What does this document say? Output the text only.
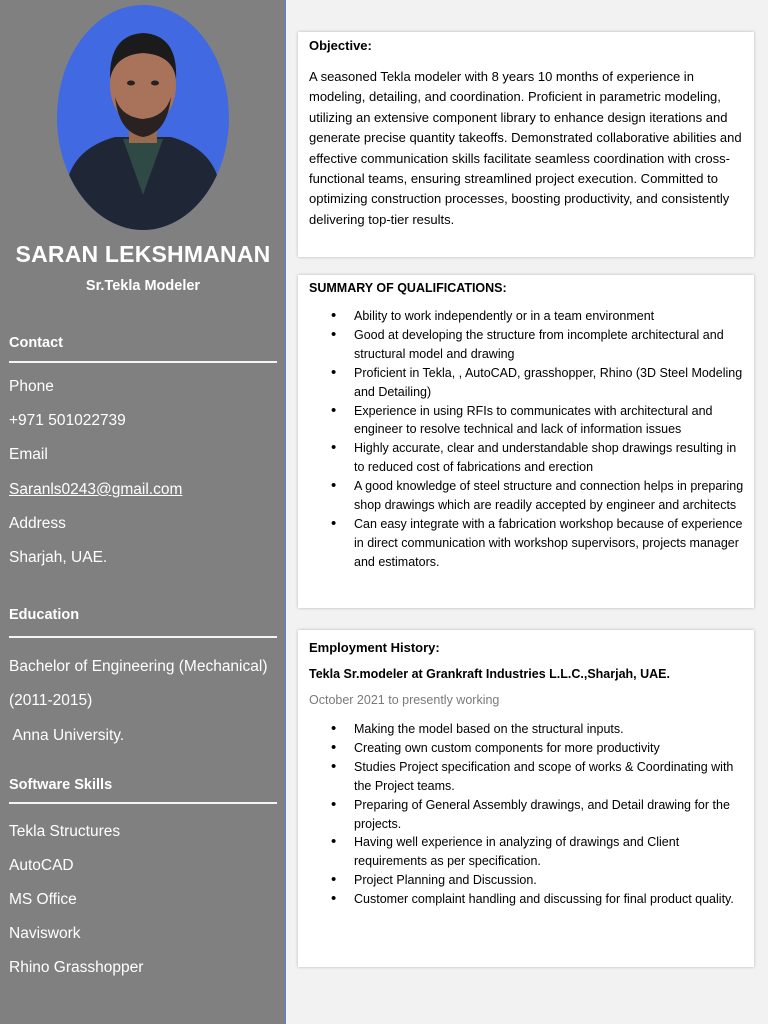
SARAN LEKSHMANAN
Sr.Tekla Modeler
Contact
Phone
+971 501022739
Email
Saranls0243@gmail.com
Address
Sharjah, UAE.
Education
Bachelor of Engineering (Mechanical)
(2011-2015)
Anna University.
Software Skills
Tekla Structures
AutoCAD
MS Office
Naviswork
Rhino Grasshopper
Objective:
A seasoned Tekla modeler with 8 years 10 months of experience in modeling, detailing, and coordination. Proficient in parametric modeling, utilizing an extensive component library to enhance design iterations and generate precise quantity takeoffs. Demonstrated collaborative abilities and effective communication skills facilitate seamless coordination with cross-functional teams, ensuring streamlined project execution. Committed to optimizing construction processes, boosting productivity, and consistently delivering top-tier results.
SUMMARY OF QUALIFICATIONS:
• Ability to work independently or in a team environment
• Good at developing the structure from incomplete architectural and structural model and drawing
• Proficient in Tekla, , AutoCAD, grasshopper, Rhino (3D Steel Modeling and Detailing)
• Experience in using RFIs to communicates with architectural and engineer to resolve technical and lack of information issues
• Highly accurate, clear and understandable shop drawings resulting in to reduced cost of fabrications and erection
• A good knowledge of steel structure and connection helps in preparing shop drawings which are readily accepted by engineer and architects
• Can easy integrate with a fabrication workshop because of experience in direct communication with workshop supervisors, projects manager and estimators.
Employment History:
Tekla Sr.modeler at Grankraft Industries L.L.C.,Sharjah, UAE.
October 2021 to presently working
• Making the model based on the structural inputs.
• Creating own custom components for more productivity
• Studies Project specification and scope of works & Coordinating with the Project teams.
• Preparing of General Assembly drawings, and Detail drawing for the projects.
• Having well experience in analyzing of drawings and Client requirements as per specification.
• Project Planning and Discussion.
• Customer complaint handling and discussing for final product quality.
